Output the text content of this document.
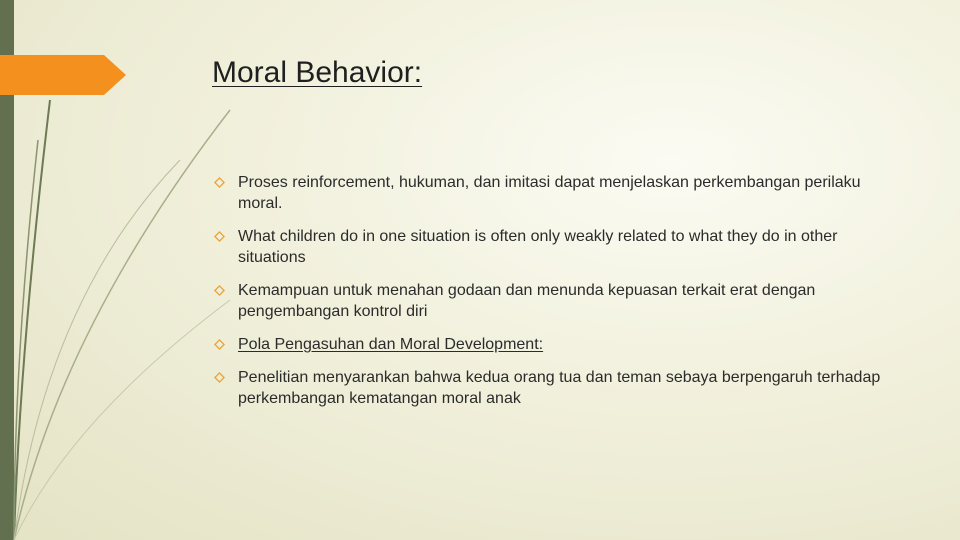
Moral Behavior:
Proses reinforcement, hukuman, dan imitasi dapat menjelaskan perkembangan perilaku moral.
What children do in one situation is often only weakly related to what they do in other situations
Kemampuan untuk menahan godaan dan menunda kepuasan terkait erat dengan pengembangan kontrol diri
Pola Pengasuhan dan Moral Development:
Penelitian menyarankan bahwa kedua orang tua dan teman sebaya berpengaruh terhadap perkembangan kematangan moral anak
